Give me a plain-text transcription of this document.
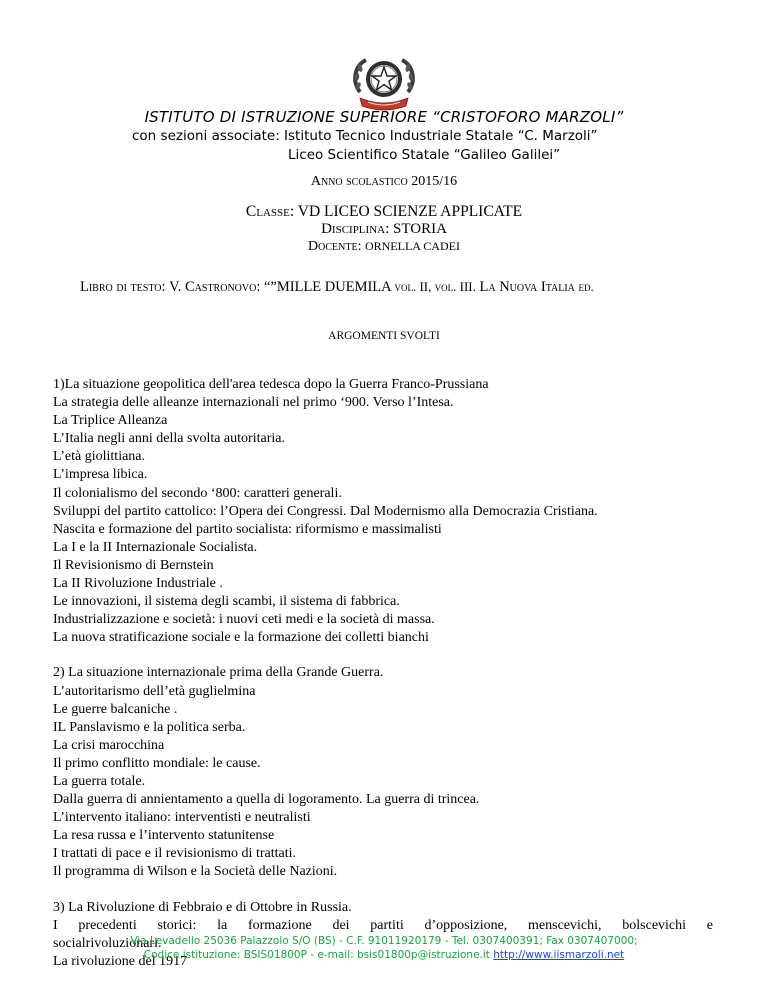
ISTITUTO DI ISTRUZIONE SUPERIORE “CRISTOFORO MARZOLI”
con sezioni associate: Istituto Tecnico Industriale Statale “C. Marzoli”
Liceo Scientifico Statale “Galileo Galilei”
Anno scolastico 2015/16
Classe: VD LICEO SCIENZE APPLICATE
Disciplina: STORIA
Docente: ORNELLA CADEI
Libro di testo: V. Castronovo: “”MILLE DUEMILA vol. II, vol. III. La Nuova Italia ed.
ARGOMENTI SVOLTI

1)La situazione geopolitica dell'area tedesca dopo la Guerra Franco-Prussiana

La strategia delle alleanze internazionali nel primo ‘900. Verso l’Intesa.

La Triplice Alleanza

L’Italia negli anni della svolta autoritaria.

L’età giolittiana.

L’impresa libica.

Il colonialismo del secondo ‘800: caratteri generali.

Sviluppi del partito cattolico: l’Opera dei Congressi. Dal Modernismo alla Democrazia Cristiana.

Nascita e formazione del partito socialista: riformismo e massimalisti

La I e la II Internazionale Socialista.

Il Revisionismo di Bernstein

La II Rivoluzione Industriale .

Le innovazioni, il sistema degli scambi, il sistema di fabbrica.

Industrializzazione e società: i nuovi ceti medi e la società di massa.

La nuova stratificazione sociale e la formazione dei colletti bianchi

2) La situazione internazionale prima della Grande Guerra.

L’autoritarismo dell’età guglielmina

Le guerre balcaniche .

IL Panslavismo e la politica serba.

La crisi marocchina

Il primo conflitto mondiale: le cause.

La guerra totale.

Dalla guerra di annientamento a quella di logoramento. La guerra di trincea.

L’intervento italiano: interventisti e neutralisti

La resa russa e l’intervento statunitense

I trattati di pace e il revisionismo di trattati.

Il programma di Wilson e la Società delle Nazioni.

3) La Rivoluzione di Febbraio e di Ottobre in Russia.

I precedenti storici: la formazione dei partiti d’opposizione, menscevichi, bolscevichi e

socialrivoluzionari.

La rivoluzione del 1917

Via Levadello 25036 Palazzolo S/O (BS) - C.F. 91011920179 - Tel. 0307400391; Fax 0307407000;
Codice istituzione: BSIS01800P - e-mail: bsis01800p@istruzione.it http://www.iismarzoli.net
